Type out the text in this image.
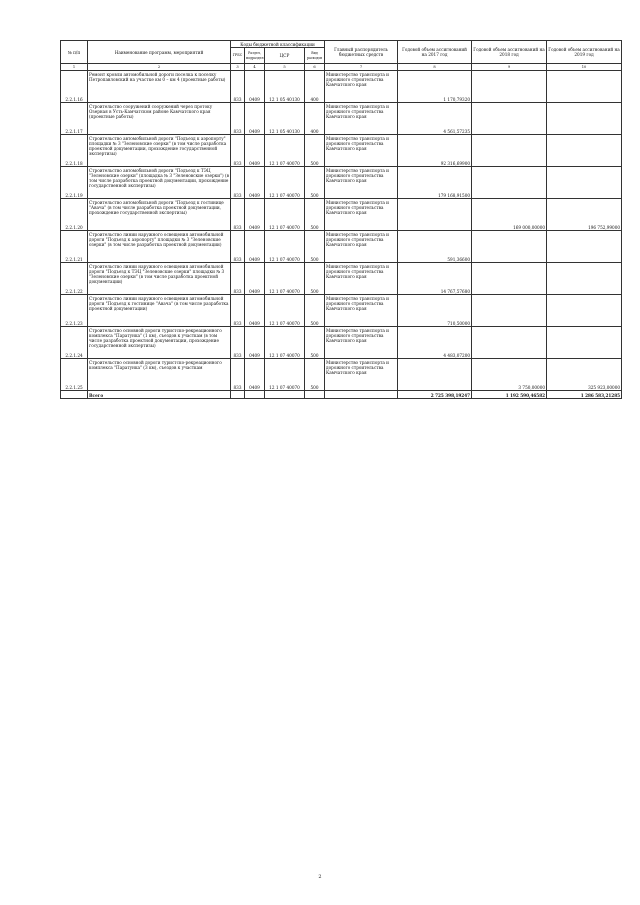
№ п/п	Наименование программ, мероприятий	Коды бюджетной классификации				Главный распорядитель бюджетных средств	Годовой объем ассигнований на 2017 год	Годовой объем ассигнований на 2018 год	Годовой объем ассигнований на 2019 год
		ГРБС	Раздел, подраздел	ЦСР	Вид расходов				
1	2	3	4	5	6	7	8	9	10
2.2.1.16	Ремонт кровли автомобильной дороги поселка к поселку Петропавловский на участке км 0 – км 4 (проектные работы)	833	0409	12 1 05 40130	400	Министерство транспорта и дорожного строительства Камчатского края	1 170,79320		
2.2.1.17	Строительство сооружений сооружений через протоку Озерная в Усть-Камчатском районе Камчатского края (проектные работы)	833	0409	12 1 05 40130	400	Министерство транспорта и дорожного строительства Камчатского края	4 561,57235		
2.2.1.18	Строительство автомобильной дороги "Подъезд к аэропорту" площадки № 3 "Зеленовские озерки" (в том числе разработка проектной документации, прохождение государственной экспертизы)	833	0409	12 1 07 40070	500	Министерство транспорта и дорожного строительства Камчатского края	92 316,69900		
2.2.1.19	Строительство автомобильной дороги "Подъезд к ТЭЦ "Зеленовские озерки" (площадка № 3 "Зеленовские озерки") (в том числе разработка проектной документации, прохождение государственной экспертизы)	833	0409	12 1 07 40070	500	Министерство транспорта и дорожного строительства Камчатского края	179 168,91500		
2.2.1.20	Строительство автомобильной дороги "Подъезд к гостинице "Авача" (в том числе разработка проектной документации, прохождение государственной экспертизы)	833	0409	12 1 07 40070	500	Министерство транспорта и дорожного строительства Камчатского края		169 000,00000	196 752,99000
2.2.1.21	Строительство линии наружного освещения автомобильной дороги "Подъезд к аэропорту" площадки № 3 "Зеленовские озерки" (в том числе разработка проектной документации)	833	0409	12 1 07 40070	500	Министерство транспорта и дорожного строительства Камчатского края	591,36600		
2.2.1.22	Строительство линии наружного освещения автомобильной дороги "Подъезд к ТЭЦ "Зеленовские озерки" площадки № 3 "Зеленовские озерки" (в том числе разработка проектной документации)	833	0409	12 1 07 40070	500	Министерство транспорта и дорожного строительства Камчатского края	14 767,57680		
2.2.1.23	Строительство линии наружного освещения автомобильной дороги "Подъезд к гостинице "Авача" (в том числе разработка проектной документации)	833	0409	12 1 07 40070	500	Министерство транспорта и дорожного строительства Камчатского края	710,50000		
2.2.1.24	Строительство основной дороги туристско-рекреационного комплекса "Паратунка" (1 км), съездов к участкам (в том числе разработка проектной документации, прохождение государственной экспертизы)	833	0409	12 1 07 40070	500	Министерство транспорта и дорожного строительства Камчатского края	4 483,07200		
2.2.1.25	Строительство основной дороги туристско-рекреационного комплекса "Паратунка" (3 км), съездов к участкам	833	0409	12 1 07 40070	500	Министерство транспорта и дорожного строительства Камчатского края		3 750,00000	325 923,00000
	Всего						2 725 398,19247	1 192 590,46582	1 286 583,21285
2
